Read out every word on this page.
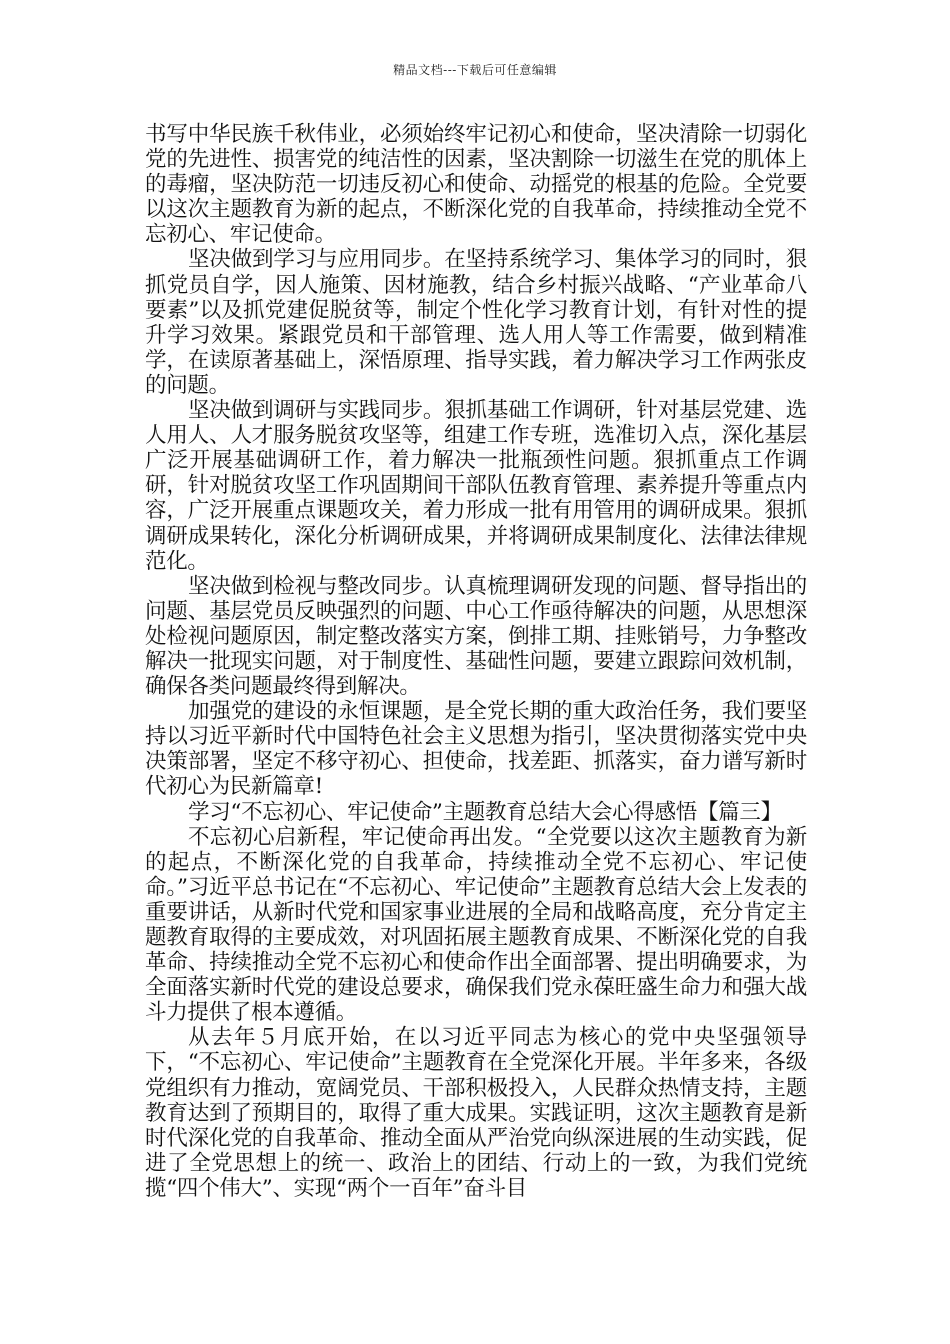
精品文档---下载后可任意编辑

书写中华民族千秋伟业，必须始终牢记初心和使命，坚决清除一切弱化党的先进性、损害党的纯洁性的因素，坚决割除一切滋生在党的肌体上的毒瘤，坚决防范一切违反初心和使命、动摇党的根基的危险。全党要以这次主题教育为新的起点，不断深化党的自我革命，持续推动全党不忘初心、牢记使命。

坚决做到学习与应用同步。在坚持系统学习、集体学习的同时，狠抓党员自学，因人施策、因材施教，结合乡村振兴战略、“产业革命八要素”以及抓党建促脱贫等，制定个性化学习教育计划，有针对性的提升学习效果。紧跟党员和干部管理、选人用人等工作需要，做到精准学，在读原著基础上，深悟原理、指导实践，着力解决学习工作两张皮的问题。

坚决做到调研与实践同步。狠抓基础工作调研，针对基层党建、选人用人、人才服务脱贫攻坚等，组建工作专班，选准切入点，深化基层广泛开展基础调研工作，着力解决一批瓶颈性问题。狠抓重点工作调研，针对脱贫攻坚工作巩固期间干部队伍教育管理、素养提升等重点内容，广泛开展重点课题攻关，着力形成一批有用管用的调研成果。狠抓调研成果转化，深化分析调研成果，并将调研成果制度化、法律法律规范化。

坚决做到检视与整改同步。认真梳理调研发现的问题、督导指出的问题、基层党员反映强烈的问题、中心工作亟待解决的问题，从思想深处检视问题原因，制定整改落实方案，倒排工期、挂账销号，力争整改解决一批现实问题，对于制度性、基础性问题，要建立跟踪问效机制，确保各类问题最终得到解决。

加强党的建设的永恒课题，是全党长期的重大政治任务，我们要坚持以习近平新时代中国特色社会主义思想为指引，坚决贯彻落实党中央决策部署，坚定不移守初心、担使命，找差距、抓落实，奋力谱写新时代初心为民新篇章!

学习“不忘初心、牢记使命”主题教育总结大会心得感悟【篇三】

不忘初心启新程，牢记使命再出发。“全党要以这次主题教育为新的起点，不断深化党的自我革命，持续推动全党不忘初心、牢记使命。”习近平总书记在“不忘初心、牢记使命”主题教育总结大会上发表的重要讲话，从新时代党和国家事业进展的全局和战略高度，充分肯定主题教育取得的主要成效，对巩固拓展主题教育成果、不断深化党的自我革命、持续推动全党不忘初心和使命作出全面部署、提出明确要求，为全面落实新时代党的建设总要求，确保我们党永葆旺盛生命力和强大战斗力提供了根本遵循。

从去年５月底开始，在以习近平同志为核心的党中央坚强领导下，“不忘初心、牢记使命”主题教育在全党深化开展。半年多来，各级党组织有力推动，宽阔党员、干部积极投入，人民群众热情支持，主题教育达到了预期目的，取得了重大成果。实践证明，这次主题教育是新时代深化党的自我革命、推动全面从严治党向纵深进展的生动实践，促进了全党思想上的统一、政治上的团结、行动上的一致，为我们党统揽“四个伟大”、实现“两个一百年”奋斗目
